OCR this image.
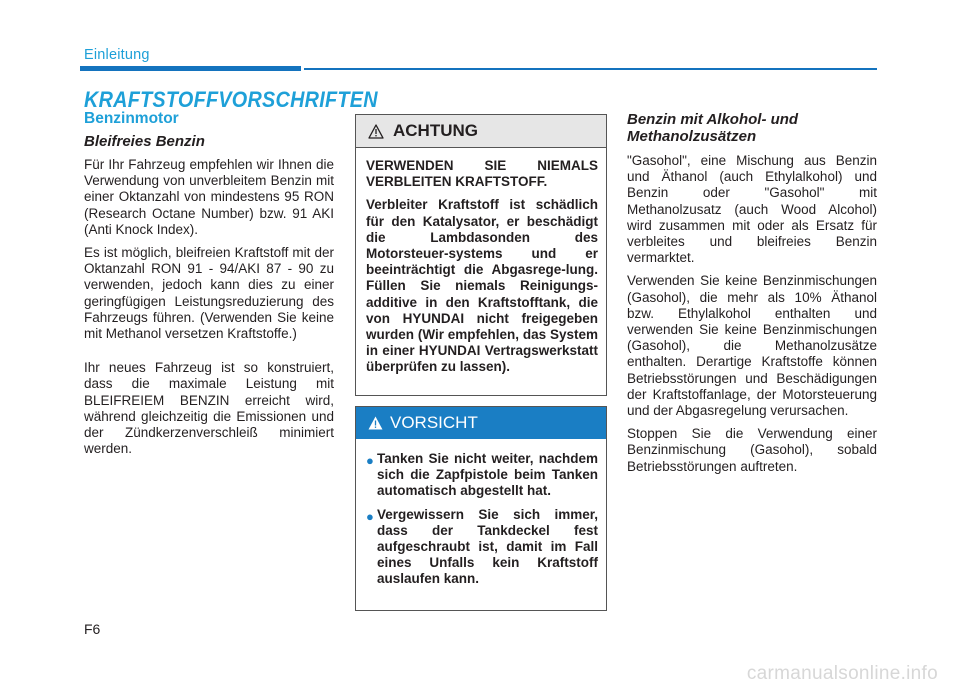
Einleitung
KRAFTSTOFFVORSCHRIFTEN
Benzinmotor
Bleifreies Benzin

Für Ihr Fahrzeug empfehlen wir Ihnen die Verwendung von unverbleitem Benzin mit einer Oktanzahl von mindestens 95 RON (Research Octane Number) bzw. 91 AKI (Anti Knock Index).

Es ist möglich, bleifreien Kraftstoff mit der Oktanzahl RON 91 - 94/AKI 87 - 90 zu verwenden, jedoch kann dies zu einer geringfügigen Leistungsreduzierung des Fahrzeugs führen. (Verwenden Sie keine mit Methanol versetzen Kraftstoffe.)

Ihr neues Fahrzeug ist so konstruiert, dass die maximale Leistung mit BLEIFREIEM BENZIN erreicht wird, während gleichzeitig die Emissionen und der Zündkerzenverschleiß minimiert werden.

ACHTUNG

VERWENDEN SIE NIEMALS VERBLEITEN KRAFTSTOFF.

Verbleiter Kraftstoff ist schädlich für den Katalysator, er beschädigt die Lambdasonden des Motorsteuer-systems und er beeinträchtigt die Abgasrege-lung. Füllen Sie niemals Reinigungs-additive in den Kraftstofftank, die von HYUNDAI nicht freigegeben wurden (Wir empfehlen, das System in einer HYUNDAI Vertragswerkstatt überprüfen zu lassen).

VORSICHT
● Tanken Sie nicht weiter, nachdem sich die Zapfpistole beim Tanken automatisch abgestellt hat.

● Vergewissern Sie sich immer, dass der Tankdeckel fest aufgeschraubt ist, damit im Fall eines Unfalls kein Kraftstoff auslaufen kann.

Benzin mit Alkohol- und Methanolzusätzen

"Gasohol", eine Mischung aus Benzin und Äthanol (auch Ethylalkohol) und Benzin oder "Gasohol" mit Methanolzusatz (auch Wood Alcohol) wird zusammen mit oder als Ersatz für verbleites und bleifreies Benzin vermarktet.

Verwenden Sie keine Benzinmischungen (Gasohol), die mehr als 10% Äthanol bzw. Ethylalkohol enthalten und verwenden Sie keine Benzinmischungen (Gasohol), die Methanolzusätze enthalten. Derartige Kraftstoffe können Betriebsstörungen und Beschädigungen der Kraftstoffanlage, der Motorsteuerung und der Abgasregelung verursachen.

Stoppen Sie die Verwendung einer Benzinmischung (Gasohol), sobald Betriebsstörungen auftreten.

F6
carmanualsonline.info
